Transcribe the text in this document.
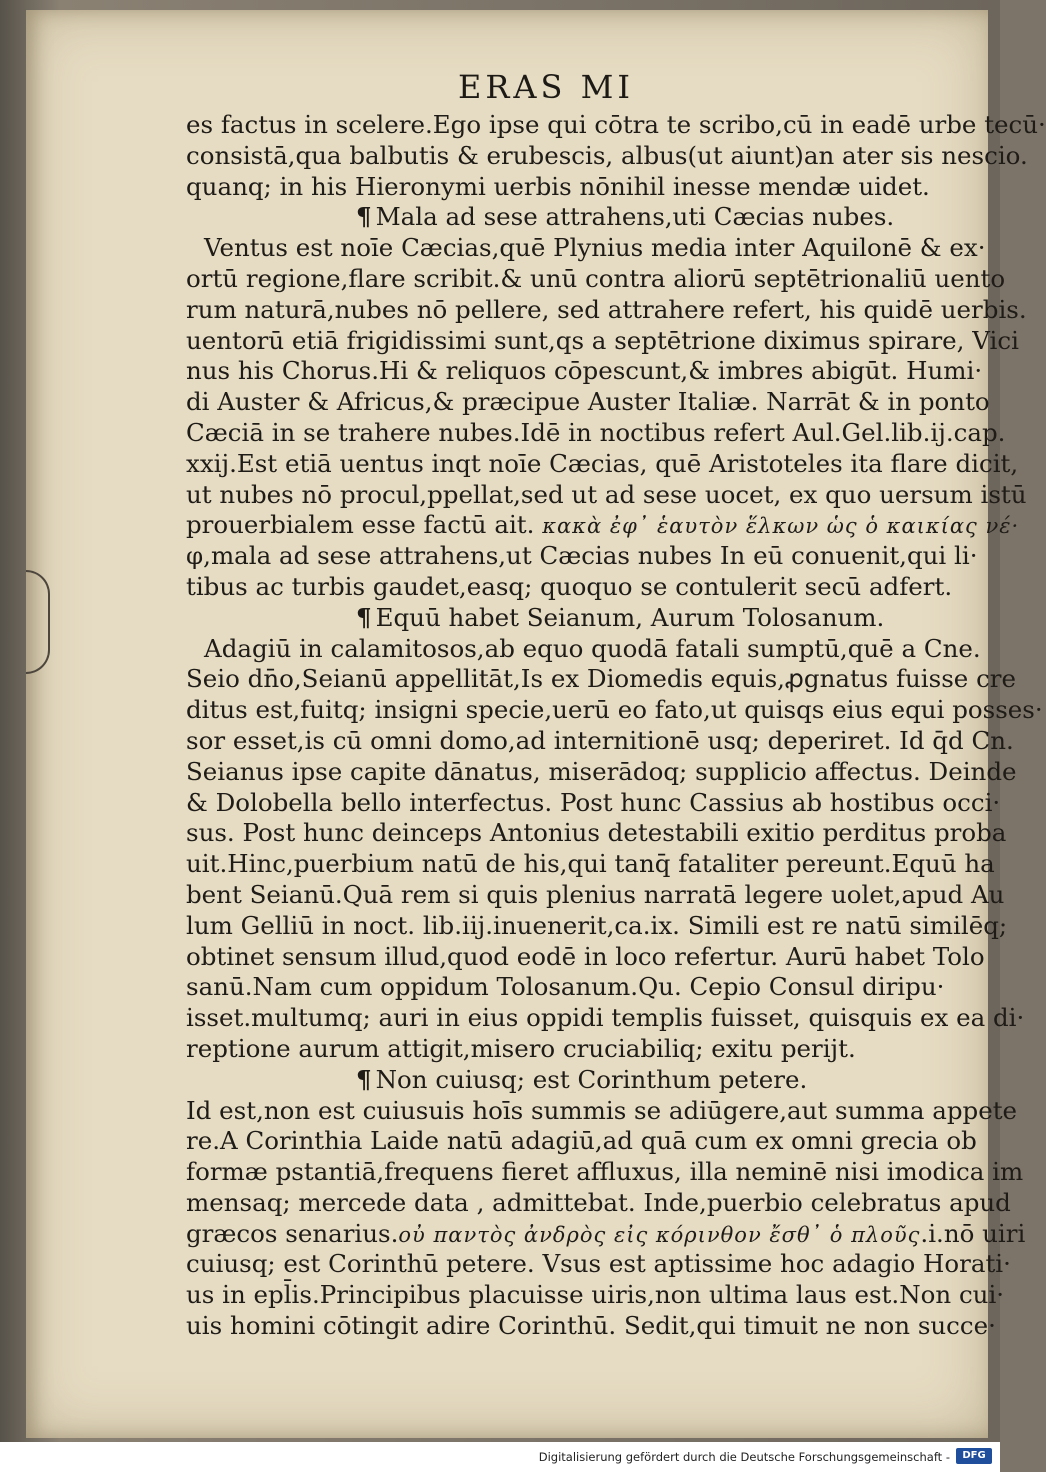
ERAS MI
es factus in scelere.Ego ipse qui cōtra te scribo,cū in eadē urbe tecū·
consistā,qua balbutis & erubescis, albus(ut aiunt)an ater sis nescio.
quanq; in his Hieronymi uerbis nōnihil inesse mendæ uidet.
¶ Mala ad sese attrahens,uti Cæcias nubes.
Ventus est noīe Cæcias,quē Plynius media inter Aquilonē & ex·
ortū regione,flare scribit.& unū contra aliorū septētrionaliū uento
rum naturā,nubes nō pellere, sed attrahere refert, his quidē uerbis.
uentorū etiā frigidissimi sunt,qs a septētrione diximus spirare, Vici
nus his Chorus.Hi & reliquos cōpescunt,& imbres abigūt. Humi·
di Auster & Africus,& præcipue Auster Italiæ. Narrāt & in ponto
Cæciā in se trahere nubes.Idē in noctibus refert Aul.Gel.lib.ij.cap.
xxij.Est etiā uentus inqt noīe Cæcias, quē Aristoteles ita flare dicit,
ut nubes nō procul,ppellat,sed ut ad sese uocet, ex quo uersum istū
prouerbialem esse factū ait. κακὰ ἐφ᾽ ἑαυτὸν ἕλκων ὡς ὁ καικίας νέ·
φ,mala ad sese attrahens,ut Cæcias nubes In eū conuenit,qui li·
tibus ac turbis gaudet,easq; quoquo se contulerit secū adfert.
¶ Equū habet Seianum, Aurum Tolosanum.
Adagiū in calamitosos,ab equo quodā fatali sumptū,quē a Cne.
Seio dn̄o,Seianū appellitāt,Is ex Diomedis equis,ꝓgnatus fuisse cre
ditus est,fuitq; insigni specie,uerū eo fato,ut quisqs eius equi posses·
sor esset,is cū omni domo,ad internitionē usq; deperiret. Id q̄d Cn.
Seianus ipse capite dānatus, miserādoq; supplicio affectus. Deinde
& Dolobella bello interfectus. Post hunc Cassius ab hostibus occi·
sus. Post hunc deinceps Antonius detestabili exitio perditus proba
uit.Hinc,puerbium natū de his,qui tanq̄ fataliter pereunt.Equū ha
bent Seianū.Quā rem si quis plenius narratā legere uolet,apud Au
lum Gelliū in noct. lib.iij.inuenerit,ca.ix. Simili est re natū similēq;
obtinet sensum illud,quod eodē in loco refertur. Aurū habet Tolo
sanū.Nam cum oppidum Tolosanum.Qu. Cepio Consul diripu·
isset.multumq; auri in eius oppidi templis fuisset, quisquis ex ea di·
reptione aurum attigit,misero cruciabiliq; exitu perijt.
¶ Non cuiusq; est Corinthum petere.
Id est,non est cuiusuis hoīs summis se adiūgere,aut summa appete
re.A Corinthia Laide natū adagiū,ad quā cum ex omni grecia ob
formæ pstantiā,frequens fieret affluxus, illa neminē nisi imodica im
mensaq; mercede data , admittebat. Inde,puerbio celebratus apud
græcos senarius.οὐ παντὸς ἀνδρὸς εἰς κόρινθον ἔσθ᾽ ὁ πλοῦς.i.nō uiri
cuiusq; est Corinthū petere. Vsus est aptissime hoc adagio Horati·
us in epl̄is.Principibus placuisse uiris,non ultima laus est.Non cui·
uis homini cōtingit adire Corinthū. Sedit,qui timuit ne non succe·
Digitalisierung gefördert durch die Deutsche Forschungsgemeinschaft -	DFG
